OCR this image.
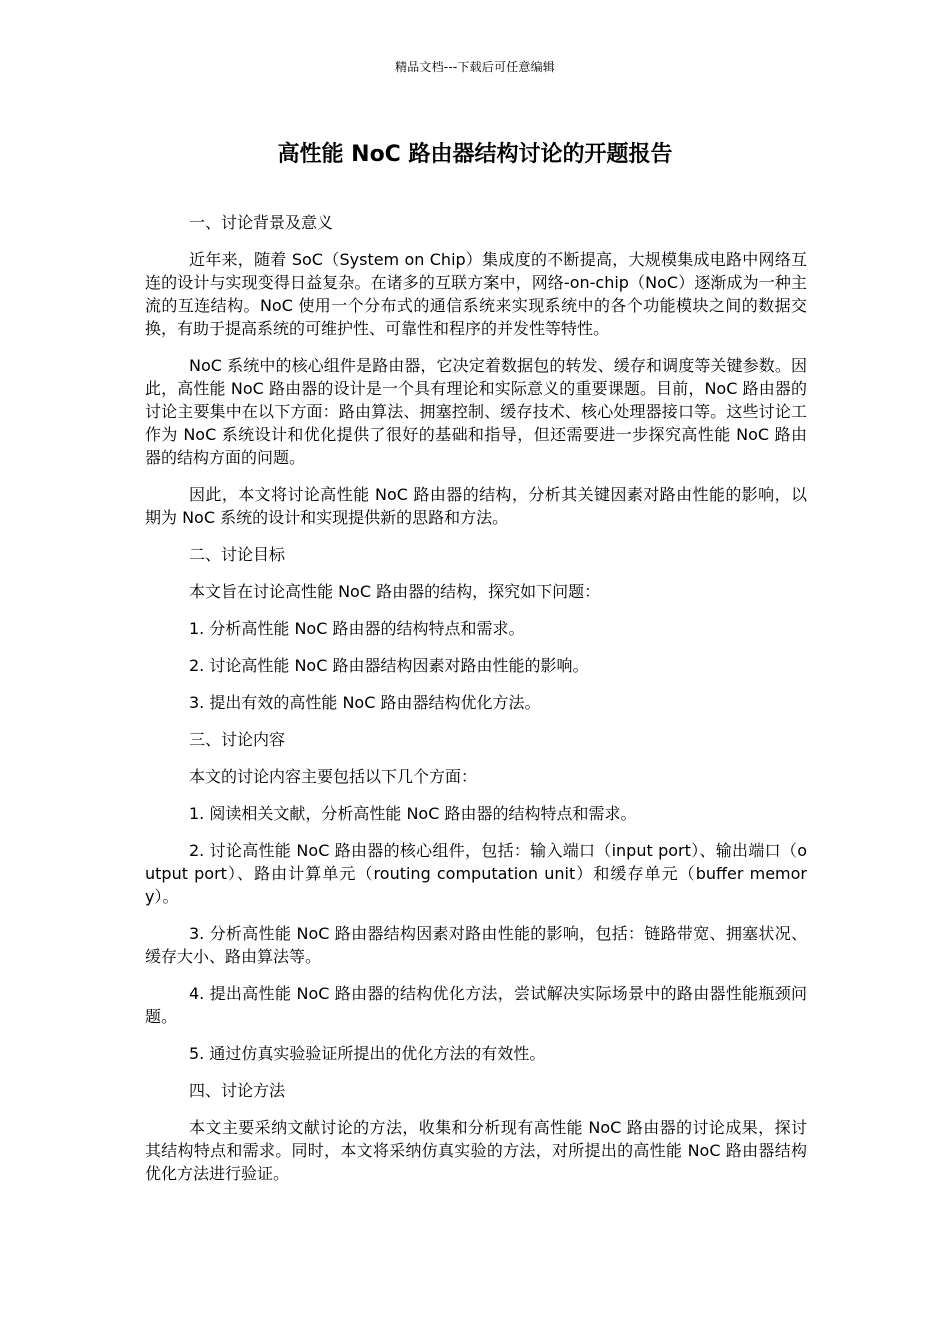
精品文档---下载后可任意编辑
高性能 NoC 路由器结构讨论的开题报告

一、讨论背景及意义

近年来，随着 SoC（System on Chip）集成度的不断提高，大规模集成电路中网络互连的设计与实现变得日益复杂。在诸多的互联方案中，网络-on-chip（NoC）逐渐成为一种主流的互连结构。NoC 使用一个分布式的通信系统来实现系统中的各个功能模块之间的数据交换，有助于提高系统的可维护性、可靠性和程序的并发性等特性。

NoC 系统中的核心组件是路由器，它决定着数据包的转发、缓存和调度等关键参数。因此，高性能 NoC 路由器的设计是一个具有理论和实际意义的重要课题。目前，NoC 路由器的讨论主要集中在以下方面：路由算法、拥塞控制、缓存技术、核心处理器接口等。这些讨论工作为 NoC 系统设计和优化提供了很好的基础和指导，但还需要进一步探究高性能 NoC 路由器的结构方面的问题。

因此，本文将讨论高性能 NoC 路由器的结构，分析其关键因素对路由性能的影响，以期为 NoC 系统的设计和实现提供新的思路和方法。

二、讨论目标

本文旨在讨论高性能 NoC 路由器的结构，探究如下问题：

1. 分析高性能 NoC 路由器的结构特点和需求。

2. 讨论高性能 NoC 路由器结构因素对路由性能的影响。

3. 提出有效的高性能 NoC 路由器结构优化方法。

三、讨论内容

本文的讨论内容主要包括以下几个方面：

1. 阅读相关文献，分析高性能 NoC 路由器的结构特点和需求。

2. 讨论高性能 NoC 路由器的核心组件，包括：输入端口（input port）、输出端口（output port）、路由计算单元（routing computation unit）和缓存单元（buffer memory）。

3. 分析高性能 NoC 路由器结构因素对路由性能的影响，包括：链路带宽、拥塞状况、缓存大小、路由算法等。

4. 提出高性能 NoC 路由器的结构优化方法，尝试解决实际场景中的路由器性能瓶颈问题。

5. 通过仿真实验验证所提出的优化方法的有效性。

四、讨论方法

本文主要采纳文献讨论的方法，收集和分析现有高性能 NoC 路由器的讨论成果，探讨其结构特点和需求。同时，本文将采纳仿真实验的方法，对所提出的高性能 NoC 路由器结构优化方法进行验证。
